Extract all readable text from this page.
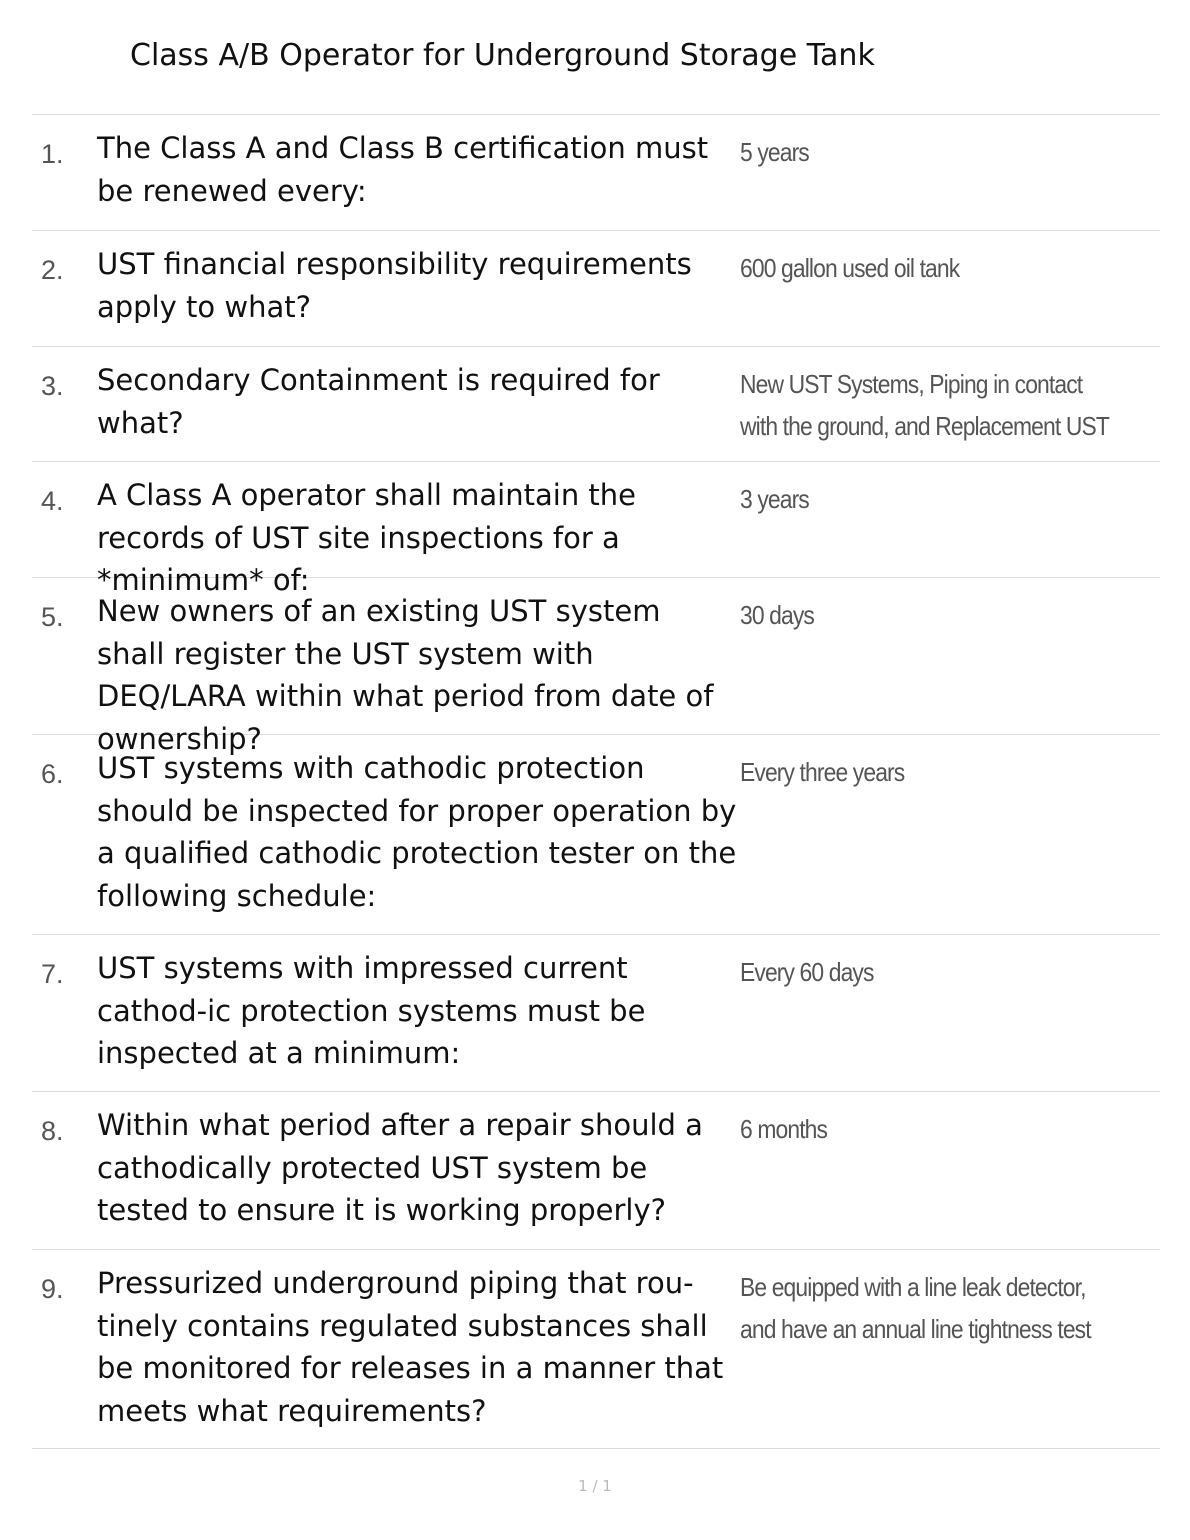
Class A/B Operator for Underground Storage Tank
1. The Class A and Class B certification must be renewed every:

5 years
2. UST financial responsibility requirements apply to what?

600 gallon used oil tank
3. Secondary Containment is required for what?

New UST Systems, Piping in contact with the ground, and Replacement UST
4. A Class A operator shall maintain the records of UST site inspections for a *minimum* of:

3 years
5. New owners of an existing UST system shall register the UST system with DEQ/LARA within what period from date of ownership?

30 days
6. UST systems with cathodic protection should be inspected for proper operation by a qualified cathodic protection tester on the following schedule:

Every three years
7. UST systems with impressed current cathod-ic protection systems must be inspected at a minimum:

Every 60 days
8. Within what period after a repair should a cathodically protected UST system be tested to ensure it is working properly?

6 months
9. Pressurized underground piping that rou-tinely contains regulated substances shall be monitored for releases in a manner that meets what requirements?

Be equipped with a line leak detector, and have an annual line tightness test
1 / 1
